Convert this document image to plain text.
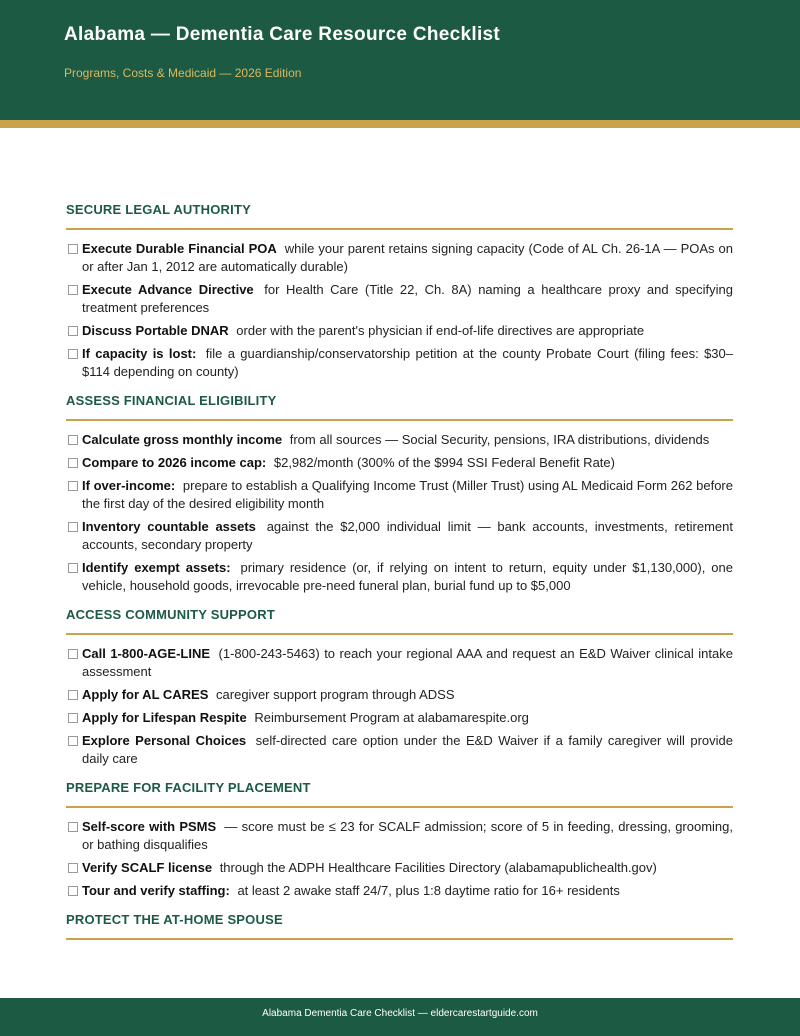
Alabama — Dementia Care Resource Checklist
Programs, Costs & Medicaid — 2026 Edition
SECURE LEGAL AUTHORITY
Execute Durable Financial POA while your parent retains signing capacity (Code of AL Ch. 26-1A — POAs on or after Jan 1, 2012 are automatically durable)
Execute Advance Directive for Health Care (Title 22, Ch. 8A) naming a healthcare proxy and specifying treatment preferences
Discuss Portable DNAR order with the parent's physician if end-of-life directives are appropriate
If capacity is lost: file a guardianship/conservatorship petition at the county Probate Court (filing fees: $30–$114 depending on county)
ASSESS FINANCIAL ELIGIBILITY
Calculate gross monthly income from all sources — Social Security, pensions, IRA distributions, dividends
Compare to 2026 income cap: $2,982/month (300% of the $994 SSI Federal Benefit Rate)
If over-income: prepare to establish a Qualifying Income Trust (Miller Trust) using AL Medicaid Form 262 before the first day of the desired eligibility month
Inventory countable assets against the $2,000 individual limit — bank accounts, investments, retirement accounts, secondary property
Identify exempt assets: primary residence (or, if relying on intent to return, equity under $1,130,000), one vehicle, household goods, irrevocable pre-need funeral plan, burial fund up to $5,000
ACCESS COMMUNITY SUPPORT
Call 1-800-AGE-LINE (1-800-243-5463) to reach your regional AAA and request an E&D Waiver clinical intake assessment
Apply for AL CARES caregiver support program through ADSS
Apply for Lifespan Respite Reimbursement Program at alabamarespite.org
Explore Personal Choices self-directed care option under the E&D Waiver if a family caregiver will provide daily care
PREPARE FOR FACILITY PLACEMENT
Self-score with PSMS — score must be ≤ 23 for SCALF admission; score of 5 in feeding, dressing, grooming, or bathing disqualifies
Verify SCALF license through the ADPH Healthcare Facilities Directory (alabamapublichealth.gov)
Tour and verify staffing: at least 2 awake staff 24/7, plus 1:8 daytime ratio for 16+ residents
PROTECT THE AT-HOME SPOUSE
Alabama Dementia Care Checklist — eldercarestartguide.com
